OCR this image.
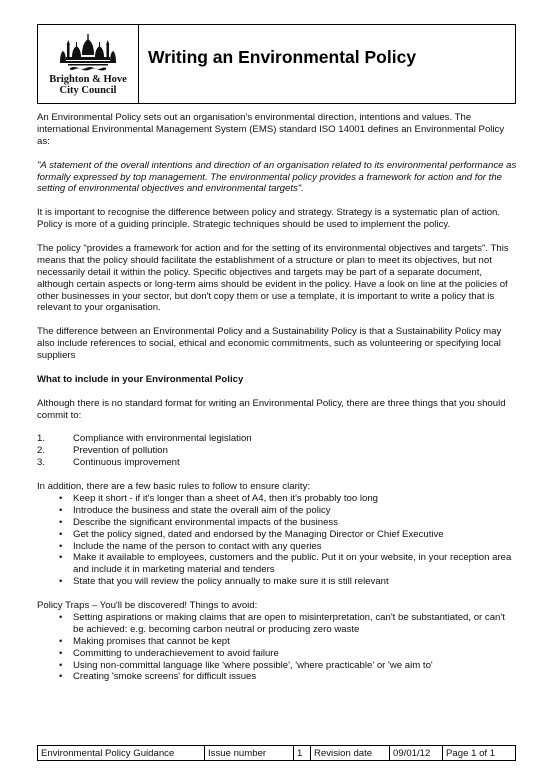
Brighton & Hove
City Council
Writing an Environmental Policy

An Environmental Policy sets out an organisation's environmental direction, intentions and values. The international Environmental Management System (EMS) standard ISO 14001 defines an Environmental Policy as:

"A statement of the overall intentions and direction of an organisation related to its environmental performance as formally expressed by top management. The environmental policy provides a framework for action and for the setting of environmental objectives and environmental targets".

It is important to recognise the difference between policy and strategy. Strategy is a systematic plan of action. Policy is more of a guiding principle. Strategic techniques should be used to implement the policy.

The policy "provides a framework for action and for the setting of its environmental objectives and targets". This means that the policy should facilitate the establishment of a structure or plan to meet its objectives, but not necessarily detail it within the policy. Specific objectives and targets may be part of a separate document, although certain aspects or long-term aims should be evident in the policy. Have a look on line at the policies of other businesses in your sector, but don't copy them or use a template, it is important to write a policy that is relevant to your organisation.

The difference between an Environmental Policy and a Sustainability Policy is that a Sustainability Policy may also include references to social, ethical and economic commitments, such as volunteering or specifying local suppliers

What to include in your Environmental Policy

Although there is no standard format for writing an Environmental Policy, there are three things that you should commit to:

1.	Compliance with environmental legislation
2.	Prevention of pollution
3.	Continuous improvement

In addition, there are a few basic rules to follow to ensure clarity:

• Keep it short - if it's longer than a sheet of A4, then it's probably too long
• Introduce the business and state the overall aim of the policy
• Describe the significant environmental impacts of the business
• Get the policy signed, dated and endorsed by the Managing Director or Chief Executive
• Include the name of the person to contact with any queries
• Make it available to employees, customers and the public. Put it on your website, in your reception area and include it in marketing material and tenders
• State that you will review the policy annually to make sure it is still relevant

Policy Traps – You'll be discovered! Things to avoid:

• Setting aspirations or making claims that are open to misinterpretation, can't be substantiated, or can't be achieved: e.g. becoming carbon neutral or producing zero waste
• Making promises that cannot be kept
• Committing to underachievement to avoid failure
• Using non-committal language like 'where possible', 'where practicable' or 'we aim to'
• Creating 'smoke screens' for difficult issues
Environmental Policy Guidance	Issue number	1	Revision date	09/01/12	Page 1 of 1
